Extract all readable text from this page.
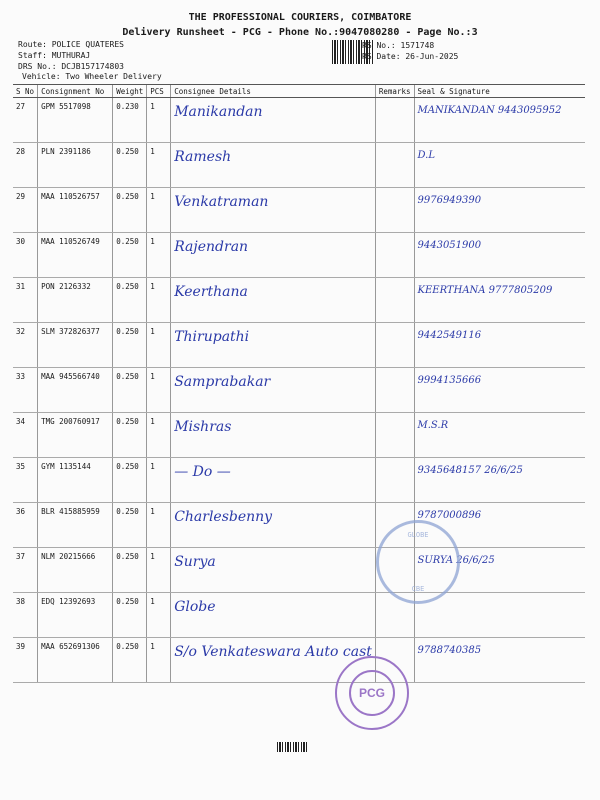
THE PROFESSIONAL COURIERS, COIMBATORE
Delivery Runsheet - PCG - Phone No.:9047080280 - Page No.:3
Route: POLICE QUATERES
Staff: MUTHURAJ
DRS No.: DCJB157174803
Vehicle: Two Wheeler Delivery
RS No.: 1571748
RS Date: 26-Jun-2025
S No	Consignment No	Weight	PCS	Consignee Details	Remarks	Seal & Signature
27	GPM 5517098	0.230	1	Manikandan		MANIKANDAN 9443095952
28	PLN 2391186	0.250	1	Ramesh		D.L
29	MAA 110526757	0.250	1	Venkatraman		9976949390
30	MAA 110526749	0.250	1	Rajendran		9443051900
31	PON 2126332	0.250	1	Keerthana		KEERTHANA 9777805209
32	SLM 372826377	0.250	1	Thirupathi		9442549116
33	MAA 945566740	0.250	1	Samprabakar		9994135666
34	TMG 200760917	0.250	1	Mishras		M.S.R
35	GYM 1135144	0.250	1	— Do —		9345648157 26/6/25
36	BLR 415885959	0.250	1	Charlesbenny		9787000896
37	NLM 20215666	0.250	1	Surya		SURYA 26/6/25
38	EDQ 12392693	0.250	1	Globe		
39	MAA 652691306	0.250	1	S/o Venkateswara Auto cast		9788740385
GLOBE
CBE
PCG
